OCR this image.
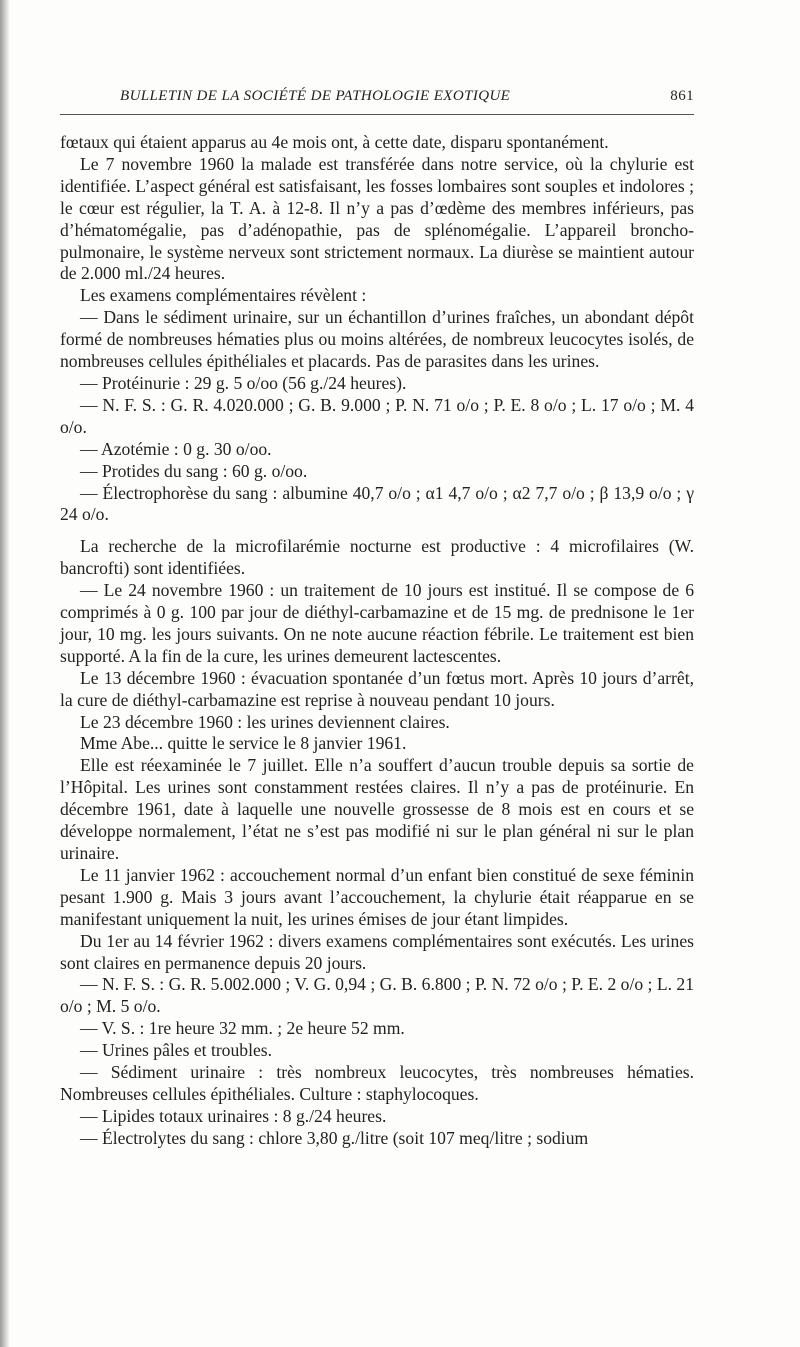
BULLETIN DE LA SOCIÉTÉ DE PATHOLOGIE EXOTIQUE	861

fœtaux qui étaient apparus au 4e mois ont, à cette date, disparu spontanément.

Le 7 novembre 1960 la malade est transférée dans notre service, où la chylurie est identifiée. L’aspect général est satisfaisant, les fosses lombaires sont souples et indolores ; le cœur est régulier, la T. A. à 12-8. Il n’y a pas d’œdème des membres inférieurs, pas d’hématomégalie, pas d’adénopathie, pas de splénomégalie. L’appareil broncho-pulmonaire, le système nerveux sont strictement normaux. La diurèse se maintient autour de 2.000 ml./24 heures.

Les examens complémentaires révèlent :

— Dans le sédiment urinaire, sur un échantillon d’urines fraîches, un abondant dépôt formé de nombreuses hématies plus ou moins altérées, de nombreux leucocytes isolés, de nombreuses cellules épithéliales et placards. Pas de parasites dans les urines.

— Protéinurie : 29 g. 5 o/oo (56 g./24 heures).

— N. F. S. : G. R. 4.020.000 ; G. B. 9.000 ; P. N. 71 o/o ; P. E. 8 o/o ; L. 17 o/o ; M. 4 o/o.

— Azotémie : 0 g. 30 o/oo.

— Protides du sang : 60 g. o/oo.

— Électrophorèse du sang : albumine 40,7 o/o ; α1 4,7 o/o ; α2 7,7 o/o ; β 13,9 o/o ; γ 24 o/o.

La recherche de la microfilarémie nocturne est productive : 4 microfilaires (W. bancrofti) sont identifiées.

— Le 24 novembre 1960 : un traitement de 10 jours est institué. Il se compose de 6 comprimés à 0 g. 100 par jour de diéthyl-carbamazine et de 15 mg. de prednisone le 1er jour, 10 mg. les jours suivants. On ne note aucune réaction fébrile. Le traitement est bien supporté. A la fin de la cure, les urines demeurent lactescentes.

Le 13 décembre 1960 : évacuation spontanée d’un fœtus mort. Après 10 jours d’arrêt, la cure de diéthyl-carbamazine est reprise à nouveau pendant 10 jours.

Le 23 décembre 1960 : les urines deviennent claires.

Mme Abe... quitte le service le 8 janvier 1961.

Elle est réexaminée le 7 juillet. Elle n’a souffert d’aucun trouble depuis sa sortie de l’Hôpital. Les urines sont constamment restées claires. Il n’y a pas de protéinurie. En décembre 1961, date à laquelle une nouvelle grossesse de 8 mois est en cours et se développe normalement, l’état ne s’est pas modifié ni sur le plan général ni sur le plan urinaire.

Le 11 janvier 1962 : accouchement normal d’un enfant bien constitué de sexe féminin pesant 1.900 g. Mais 3 jours avant l’accouchement, la chylurie était réapparue en se manifestant uniquement la nuit, les urines émises de jour étant limpides.

Du 1er au 14 février 1962 : divers examens complémentaires sont exécutés. Les urines sont claires en permanence depuis 20 jours.

— N. F. S. : G. R. 5.002.000 ; V. G. 0,94 ; G. B. 6.800 ; P. N. 72 o/o ; P. E. 2 o/o ; L. 21 o/o ; M. 5 o/o.

— V. S. : 1re heure 32 mm. ; 2e heure 52 mm.

— Urines pâles et troubles.

— Sédiment urinaire : très nombreux leucocytes, très nombreuses hématies. Nombreuses cellules épithéliales. Culture : staphylocoques.

— Lipides totaux urinaires : 8 g./24 heures.

— Électrolytes du sang : chlore 3,80 g./litre (soit 107 meq/litre ; sodium
